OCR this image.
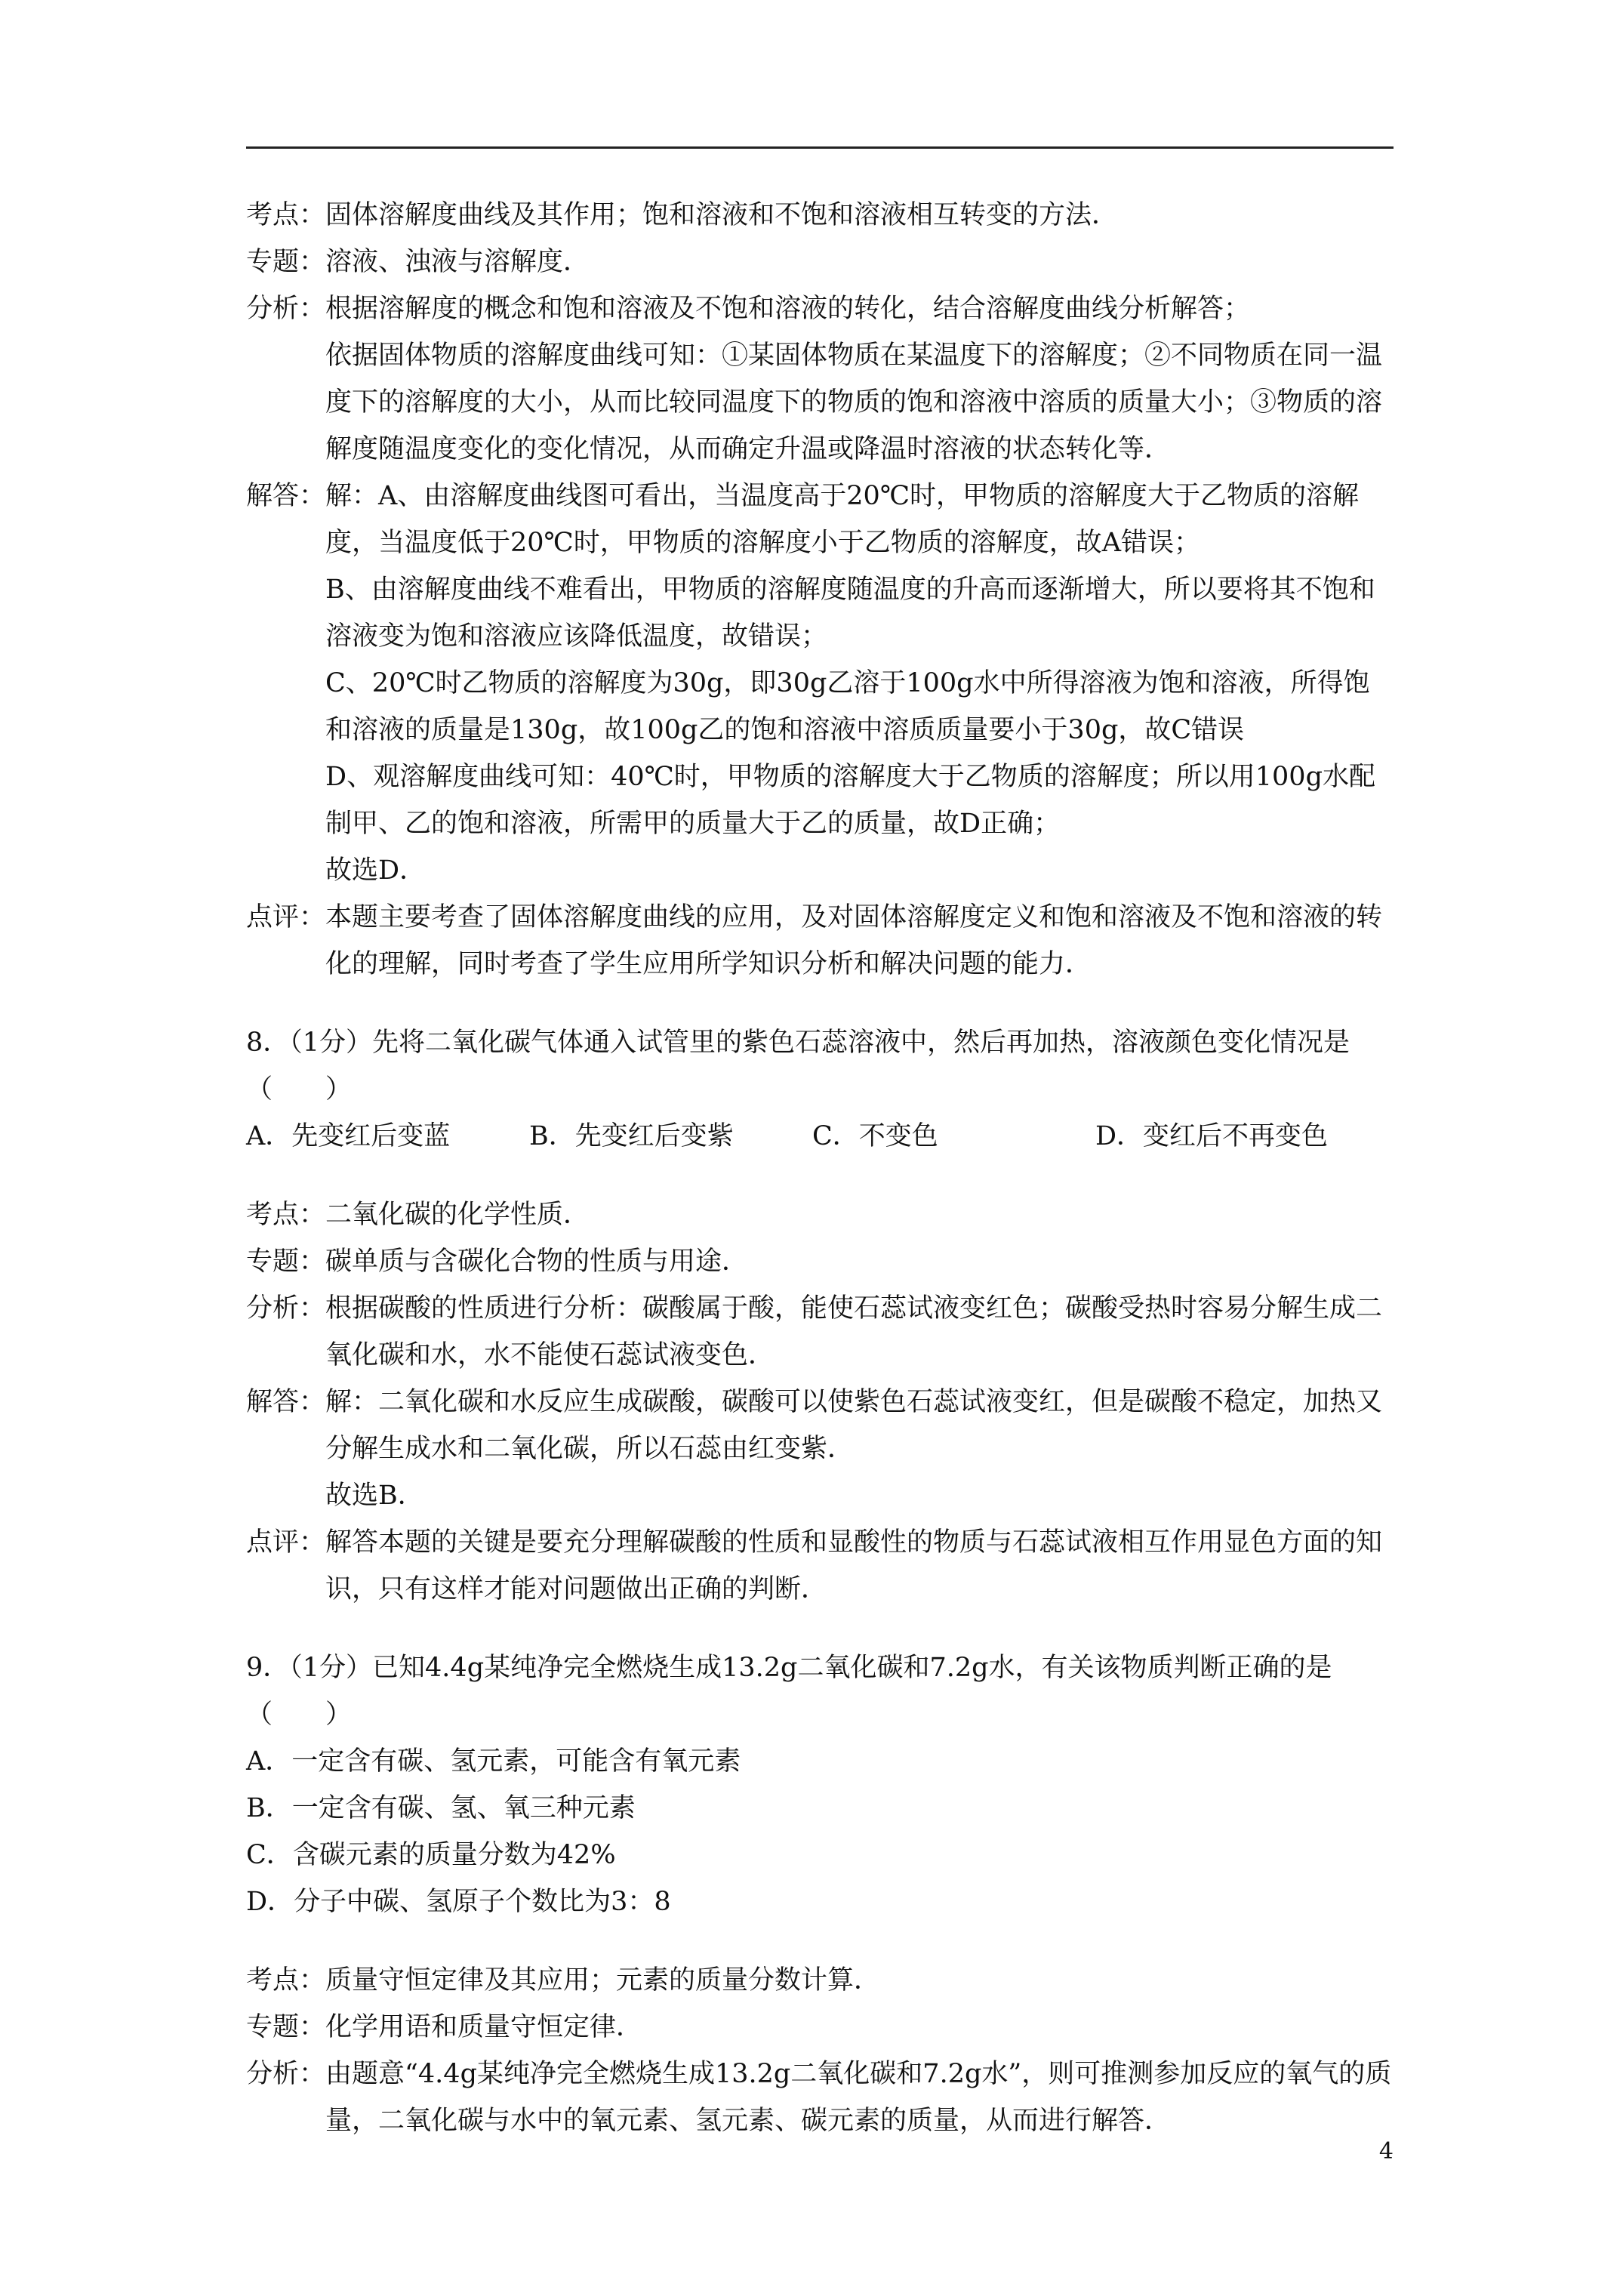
考点： 固体溶解度曲线及其作用；饱和溶液和不饱和溶液相互转变的方法．

专题： 溶液、浊液与溶解度．

分析： 根据溶解度的概念和饱和溶液及不饱和溶液的转化，结合溶解度曲线分析解答；

依据固体物质的溶解度曲线可知：①某固体物质在某温度下的溶解度；②不同物质在同一温度下的溶解度的大小，从而比较同温度下的物质的饱和溶液中溶质的质量大小；③物质的溶解度随温度变化的变化情况，从而确定升温或降温时溶液的状态转化等．

解答： 解：A、由溶解度曲线图可看出，当温度高于20℃时，甲物质的溶解度大于乙物质的溶解度，当温度低于20℃时，甲物质的溶解度小于乙物质的溶解度，故A错误；

B、由溶解度曲线不难看出，甲物质的溶解度随温度的升高而逐渐增大，所以要将其不饱和溶液变为饱和溶液应该降低温度，故错误；

C、20℃时乙物质的溶解度为30g，即30g乙溶于100g水中所得溶液为饱和溶液，所得饱和溶液的质量是130g，故100g乙的饱和溶液中溶质质量要小于30g，故C错误

D、观溶解度曲线可知：40℃时，甲物质的溶解度大于乙物质的溶解度；所以用100g水配制甲、乙的饱和溶液，所需甲的质量大于乙的质量，故D正确；

故选D．

点评： 本题主要考查了固体溶解度曲线的应用，及对固体溶解度定义和饱和溶液及不饱和溶液的转化的理解，同时考查了学生应用所学知识分析和解决问题的能力．

8．（1分）先将二氧化碳气体通入试管里的紫色石蕊溶液中，然后再加热，溶液颜色变化情况是（　　）

A．先变红后变蓝	B．先变红后变紫	C．不变色	D．变红后不再变色
考点： 二氧化碳的化学性质．

专题： 碳单质与含碳化合物的性质与用途．

分析： 根据碳酸的性质进行分析：碳酸属于酸，能使石蕊试液变红色；碳酸受热时容易分解生成二氧化碳和水，水不能使石蕊试液变色．

解答： 解：二氧化碳和水反应生成碳酸，碳酸可以使紫色石蕊试液变红，但是碳酸不稳定，加热又分解生成水和二氧化碳，所以石蕊由红变紫．

故选B．

点评： 解答本题的关键是要充分理解碳酸的性质和显酸性的物质与石蕊试液相互作用显色方面的知识，只有这样才能对问题做出正确的判断．

9．（1分）已知4.4g某纯净完全燃烧生成13.2g二氧化碳和7.2g水，有关该物质判断正确的是（　　）

A．一定含有碳、氢元素，可能含有氧元素

B．一定含有碳、氢、氧三种元素

C．含碳元素的质量分数为42%

D．分子中碳、氢原子个数比为3：8

考点： 质量守恒定律及其应用；元素的质量分数计算．

专题： 化学用语和质量守恒定律．

分析： 由题意“4.4g某纯净完全燃烧生成13.2g二氧化碳和7.2g水”，则可推测参加反应的氧气的质量，二氧化碳与水中的氧元素、氢元素、碳元素的质量，从而进行解答．

4
